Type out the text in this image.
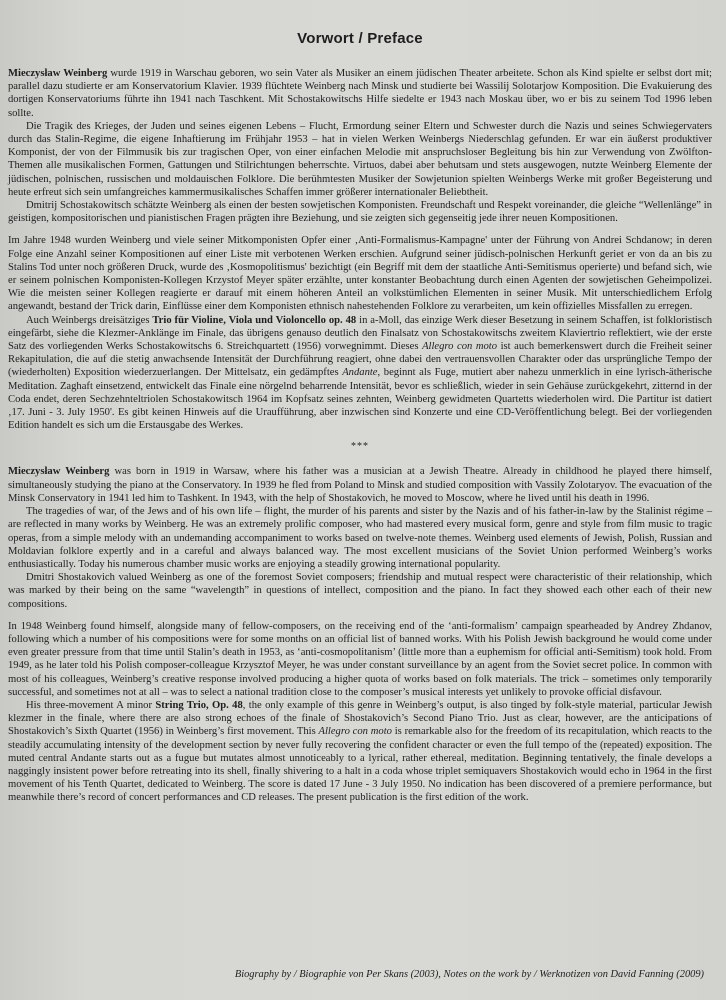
Vorwort / Preface

Mieczysław Weinberg wurde 1919 in Warschau geboren, wo sein Vater als Musiker an einem jüdischen Theater arbeitete. Schon als Kind spielte er selbst dort mit; parallel dazu studierte er am Konservatorium Klavier. 1939 flüchtete Weinberg nach Minsk und studierte bei Wassilij Solotarjow Komposition. Die Evakuierung des dortigen Konservatoriums führte ihn 1941 nach Taschkent. Mit Schostakowitschs Hilfe siedelte er 1943 nach Moskau über, wo er bis zu seinem Tod 1996 leben sollte.

Die Tragik des Krieges, der Juden und seines eigenen Lebens – Flucht, Ermordung seiner Eltern und Schwester durch die Nazis und seines Schwiegervaters durch das Stalin-Regime, die eigene Inhaftierung im Frühjahr 1953 – hat in vielen Werken Weinbergs Niederschlag gefunden. Er war ein äußerst produktiver Komponist, der von der Filmmusik bis zur tragischen Oper, von einer einfachen Melodie mit anspruchsloser Begleitung bis hin zur Verwendung von Zwölfton-Themen alle musikalischen Formen, Gattungen und Stilrichtungen beherrschte. Virtuos, dabei aber behutsam und stets ausgewogen, nutzte Weinberg Elemente der jüdischen, polnischen, russischen und moldauischen Folklore. Die berühmtesten Musiker der Sowjetunion spielten Weinbergs Werke mit großer Begeisterung und heute erfreut sich sein umfangreiches kammermusikalisches Schaffen immer größerer internationaler Beliebtheit.

Dmitrij Schostakowitsch schätzte Weinberg als einen der besten sowjetischen Komponisten. Freundschaft und Respekt voreinander, die gleiche “Wellenlänge” in geistigen, kompositorischen und pianistischen Fragen prägten ihre Beziehung, und sie zeigten sich gegenseitig jede ihrer neuen Kompositionen.

Im Jahre 1948 wurden Weinberg und viele seiner Mitkomponisten Opfer einer ‚Anti-Formalismus-Kampagne' unter der Führung von Andrei Schdanow; in deren Folge eine Anzahl seiner Kompositionen auf einer Liste mit verbotenen Werken erschien. Aufgrund seiner jüdisch-polnischen Herkunft geriet er von da an bis zu Stalins Tod unter noch größeren Druck, wurde des ‚Kosmopolitismus' bezichtigt (ein Begriff mit dem der staatliche Anti-Semitismus operierte) und befand sich, wie er seinem polnischen Komponisten-Kollegen Krzystof Meyer später erzählte, unter konstanter Beobachtung durch einen Agenten der sowjetischen Geheimpolizei. Wie die meisten seiner Kollegen reagierte er darauf mit einem höheren Anteil an volkstümlichen Elementen in seiner Musik. Mit unterschiedlichem Erfolg angewandt, bestand der Trick darin, Einflüsse einer dem Komponisten ethnisch nahestehenden Folklore zu verarbeiten, um kein offizielles Missfallen zu erregen.

Auch Weinbergs dreisätziges Trio für Violine, Viola und Violoncello op. 48 in a-Moll, das einzige Werk dieser Besetzung in seinem Schaffen, ist folkloristisch eingefärbt, siehe die Klezmer-Anklänge im Finale, das übrigens genauso deutlich den Finalsatz von Schostakowitschs zweitem Klaviertrio reflektiert, wie der erste Satz des vorliegenden Werks Schostakowitschs 6. Streichquartett (1956) vorwegnimmt. Dieses Allegro con moto ist auch bemerkenswert durch die Freiheit seiner Rekapitulation, die auf die stetig anwachsende Intensität der Durchführung reagiert, ohne dabei den vertrauensvollen Charakter oder das ursprüngliche Tempo der (wiederholten) Exposition wiederzuerlangen. Der Mittelsatz, ein gedämpftes Andante, beginnt als Fuge, mutiert aber nahezu unmerklich in eine lyrisch-ätherische Meditation. Zaghaft einsetzend, entwickelt das Finale eine nörgelnd beharrende Intensität, bevor es schließlich, wieder in sein Gehäuse zurückgekehrt, zitternd in der Coda endet, deren Sechzehnteltriolen Schostakowitsch 1964 im Kopfsatz seines zehnten, Weinberg gewidmeten Quartetts wiederholen wird. Die Partitur ist datiert ‚17. Juni - 3. July 1950'. Es gibt keinen Hinweis auf die Uraufführung, aber inzwischen sind Konzerte und eine CD-Veröffentlichung belegt. Bei der vorliegenden Edition handelt es sich um die Erstausgabe des Werkes.

***

Mieczysław Weinberg was born in 1919 in Warsaw, where his father was a musician at a Jewish Theatre. Already in childhood he played there himself, simultaneously studying the piano at the Conservatory. In 1939 he fled from Poland to Minsk and studied composition with Vassily Zolotaryov. The evacuation of the Minsk Conservatory in 1941 led him to Tashkent. In 1943, with the help of Shostakovich, he moved to Moscow, where he lived until his death in 1996.

The tragedies of war, of the Jews and of his own life – flight, the murder of his parents and sister by the Nazis and of his father-in-law by the Stalinist régime – are reflected in many works by Weinberg. He was an extremely prolific composer, who had mastered every musical form, genre and style from film music to tragic operas, from a simple melody with an undemanding accompaniment to works based on twelve-note themes. Weinberg used elements of Jewish, Polish, Russian and Moldavian folklore expertly and in a careful and always balanced way. The most excellent musicians of the Soviet Union performed Weinberg’s works enthusiastically. Today his numerous chamber music works are enjoying a steadily growing international popularity.

Dmitri Shostakovich valued Weinberg as one of the foremost Soviet composers; friendship and mutual respect were characteristic of their relationship, which was marked by their being on the same “wavelength” in questions of intellect, composition and the piano. In fact they showed each other each of their new compositions.

In 1948 Weinberg found himself, alongside many of fellow-composers, on the receiving end of the ‘anti-formalism’ campaign spearheaded by Andrey Zhdanov, following which a number of his compositions were for some months on an official list of banned works. With his Polish Jewish background he would come under even greater pressure from that time until Stalin’s death in 1953, as ‘anti-cosmopolitanism’ (little more than a euphemism for official anti-Semitism) took hold. From 1949, as he later told his Polish composer-colleague Krzysztof Meyer, he was under constant surveillance by an agent from the Soviet secret police. In common with most of his colleagues, Weinberg’s creative response involved producing a higher quota of works based on folk materials. The trick – sometimes only temporarily successful, and sometimes not at all – was to select a national tradition close to the composer’s musical interests yet unlikely to provoke official disfavour.

His three-movement A minor String Trio, Op. 48, the only example of this genre in Weinberg’s output, is also tinged by folk-style material, particular Jewish klezmer in the finale, where there are also strong echoes of the finale of Shostakovich’s Second Piano Trio. Just as clear, however, are the anticipations of Shostakovich’s Sixth Quartet (1956) in Weinberg’s first movement. This Allegro con moto is remarkable also for the freedom of its recapitulation, which reacts to the steadily accumulating intensity of the development section by never fully recovering the confident character or even the full tempo of the (repeated) exposition. The muted central Andante starts out as a fugue but mutates almost unnoticeably to a lyrical, rather ethereal, meditation. Beginning tentatively, the finale develops a naggingly insistent power before retreating into its shell, finally shivering to a halt in a coda whose triplet semiquavers Shostakovich would echo in 1964 in the first movement of his Tenth Quartet, dedicated to Weinberg. The score is dated 17 June - 3 July 1950. No indication has been discovered of a premiere performance, but meanwhile there’s record of concert performances and CD releases. The present publication is the first edition of the work.

Biography by / Biographie von Per Skans (2003), Notes on the work by / Werknotizen von David Fanning (2009)
